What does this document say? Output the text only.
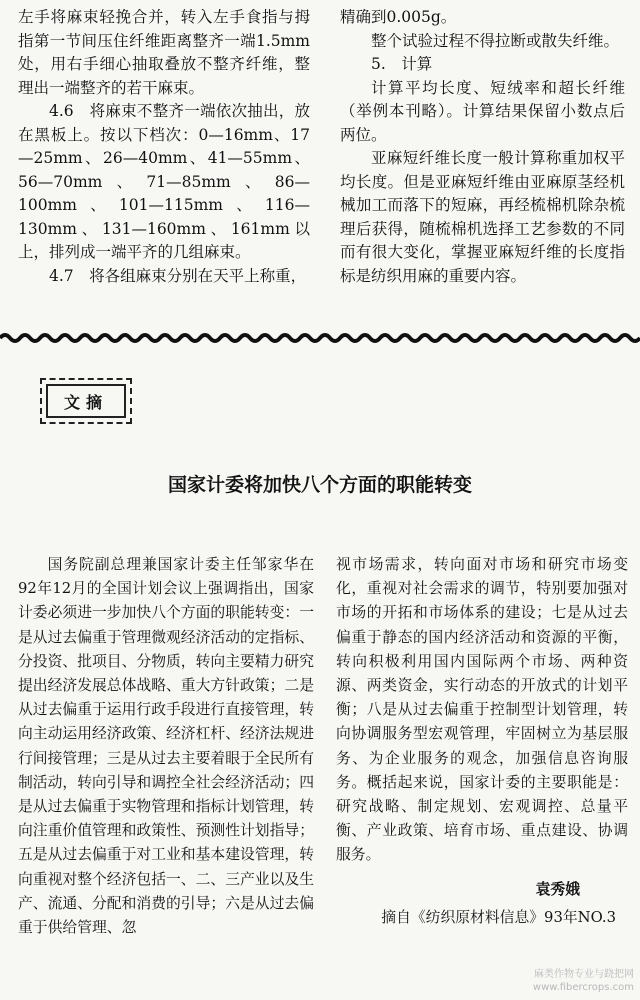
左手将麻束轻挽合并，转入左手食指与拇指第一节间压住纤维距离整齐一端1.5mm处，用右手细心抽取叠放不整齐纤维，整理出一端整齐的若干麻束。

4.6　将麻束不整齐一端依次抽出，放在黑板上。按以下档次：0—16mm、17—25mm、26—40mm、41—55mm、56—70mm、71—85mm、86—100mm、101—115mm、116—130mm、131—160mm、161mm以上，排列成一端平齐的几组麻束。

4.7　将各组麻束分别在天平上称重，

精确到0.005g。

整个试验过程不得拉断或散失纤维。

5.　计算

计算平均长度、短绒率和超长纤维（举例本刊略）。计算结果保留小数点后两位。

亚麻短纤维长度一般计算称重加权平均长度。但是亚麻短纤维由亚麻原茎经机械加工而落下的短麻，再经梳棉机除杂梳理后获得，随梳棉机选择工艺参数的不同而有很大变化，掌握亚麻短纤维的长度指标是纺织用麻的重要内容。

文摘
国家计委将加快八个方面的职能转变

国务院副总理兼国家计委主任邹家华在92年12月的全国计划会议上强调指出，国家计委必须进一步加快八个方面的职能转变：一是从过去偏重于管理微观经济活动的定指标、分投资、批项目、分物质，转向主要精力研究提出经济发展总体战略、重大方针政策；二是从过去偏重于运用行政手段进行直接管理，转向主动运用经济政策、经济杠杆、经济法规进行间接管理；三是从过去主要着眼于全民所有制活动，转向引导和调控全社会经济活动；四是从过去偏重于实物管理和指标计划管理，转向注重价值管理和政策性、预测性计划指导；五是从过去偏重于对工业和基本建设管理，转向重视对整个经济包括一、二、三产业以及生产、流通、分配和消费的引导；六是从过去偏重于供给管理、忽

视市场需求，转向面对市场和研究市场变化，重视对社会需求的调节，特别要加强对市场的开拓和市场体系的建设；七是从过去偏重于静态的国内经济活动和资源的平衡，转向积极利用国内国际两个市场、两种资源、两类资金，实行动态的开放式的计划平衡；八是从过去偏重于控制型计划管理，转向协调服务型宏观管理，牢固树立为基层服务、为企业服务的观念，加强信息咨询服务。概括起来说，国家计委的主要职能是：研究战略、制定规划、宏观调控、总量平衡、产业政策、培育市场、重点建设、协调服务。

袁秀娥

摘自《纺织原材料信息》93年NO.3

麻类作物专业与跷把网
www.fibercrops.com
